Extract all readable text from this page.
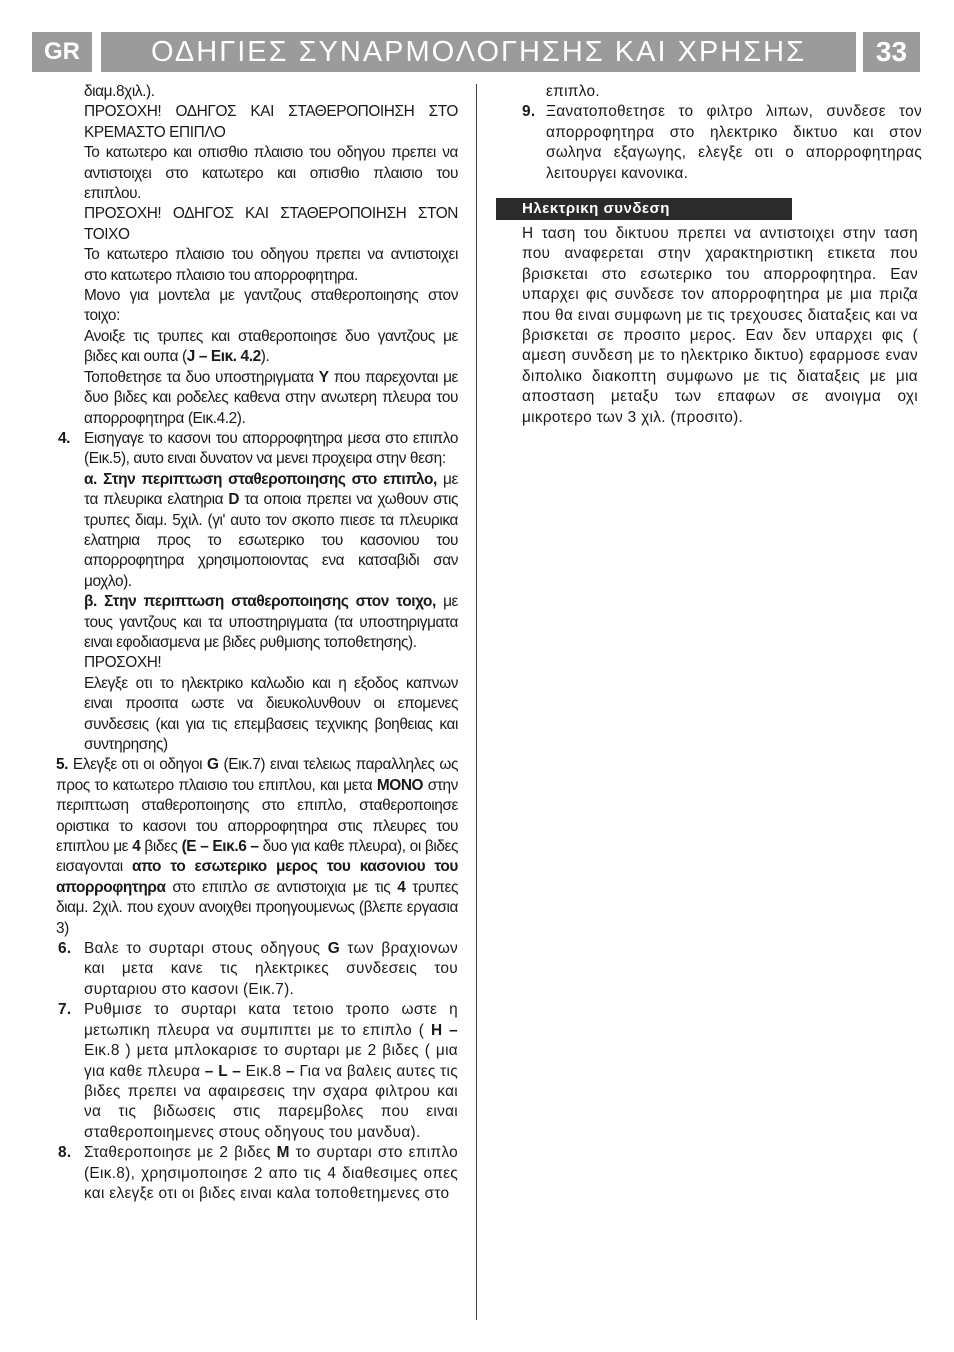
GR ΟΔΗΓΙΕΣ ΣΥΝΑΡΜΟΛΟΓΗΣΗΣ ΚΑΙ ΧΡΗΣΗΣ 33

διαμ.8χιλ.).

ΠΡΟΣΟΧΗ! ΟΔΗΓΟΣ ΚΑΙ ΣΤΑΘΕΡΟΠΟΙΗΣΗ ΣΤΟ ΚΡΕΜΑΣΤΟ ΕΠΙΠΛΟ

Το κατωτερο και οπισθιο πλαισιο του οδηγου πρεπει να αντιστοιχει στο κατωτερο και οπισθιο πλαισιο του επιπλου.

ΠΡΟΣΟΧΗ! ΟΔΗΓΟΣ ΚΑΙ ΣΤΑΘΕΡΟΠΟΙΗΣΗ ΣΤΟΝ ΤΟΙΧΟ

Το κατωτερο πλαισιο του οδηγου πρεπει να αντιστοιχει στο κατωτερο πλαισιο του απορροφητηρα.

Μονο για μοντελα με γαντζους σταθεροποιησης στον τοιχο:

Ανοιξε τις τρυπες και σταθεροποιησε δυο γαντζους με βιδες και ουπα (J – Εικ. 4.2).

Τοποθετησε τα δυο υποστηριγματα Y που παρεχονται με δυο βιδες και ροδελες καθενα στην ανωτερη πλευρα του απορροφητηρα (Εικ.4.2).

4. Εισηγαγε το κασονι του απορροφητηρα μεσα στο επιπλο (Εικ.5), αυτο ειναι δυνατον να μενει προχειρα στην θεση:

α. Στην περιπτωση σταθεροποιησης στο επιπλο, με τα πλευρικα ελατηρια D τα οποια πρεπει να χωθουν στις τρυπες διαμ. 5χιλ. (γι' αυτο τον σκοπο πιεσε τα πλευρικα ελατηρια προς το εσωτερικο του κασονιου του απορροφητηρα χρησιμοποιοντας ενα κατσαβιδι σαν μοχλο).

β. Στην περιπτωση σταθεροποιησης στον τοιχο, με τους γαντζους και τα υποστηριγματα (τα υποστηριγματα ειναι εφοδιασμενα με βιδες ρυθμισης τοποθετησης).

ΠΡΟΣΟΧΗ!

Ελεγξε οτι το ηλεκτρικο καλωδιο και η εξοδος καπνων ειναι προσιτα ωστε να διευκολυνθουν οι επομενες συνδεσεις (και για τις επεμβασεις τεχνικης βοηθειας και συντηρησης)

5. Ελεγξε οτι οι οδηγοι G (Εικ.7) ειναι τελειως παραλληλες ως προς το κατωτερο πλαισιο του επιπλου, και μετα ΜΟΝΟ στην περιπτωση σταθεροποιησης στο επιπλο, σταθεροποιησε οριστικα το κασονι του απορροφητηρα στις πλευρες του επιπλου με 4 βιδες (E – Εικ.6 – δυο για καθε πλευρα), οι βιδες εισαγονται απο το εσωτερικο μερος του κασονιου του απορροφητηρα στο επιπλο σε αντιστοιχια με τις 4 τρυπες διαμ. 2χιλ. που εχουν ανοιχθει προηγουμενως (βλεπε εργασια 3)

6. Βαλε το συρταρι στους οδηγους G των βραχιονων και μετα κανε τις ηλεκτρικες συνδεσεις του συρταριου στο κασονι (Εικ.7).

7. Ρυθμισε το συρταρι κατα τετοιο τροπο ωστε η μετωπικη πλευρα να συμπιπτει με το επιπλο ( H – Εικ.8 ) μετα μπλοκαρισε το συρταρι με 2 βιδες ( μια για καθε πλευρα – L – Εικ.8 – Για να βαλεις αυτες τις βιδες πρεπει να αφαιρεσεις την σχαρα φιλτρου και να τις βιδωσεις στις παρεμβολες που ειναι σταθεροποιημενες στους οδηγους του μανδυα).

8. Σταθεροποιησε με 2 βιδες M το συρταρι στο επιπλο (Εικ.8), χρησιμοποιησε 2 απο τις 4 διαθεσιμες οπες και ελεγξε οτι οι βιδες ειναι καλα τοποθετημενες στο

επιπλο.

9. Ξανατοποθετησε το φιλτρο λιπων, συνδεσε τον απορροφητηρα στο ηλεκτρικο δικτυο και στον σωληνα εξαγωγης, ελεγξε οτι ο απορροφητηρας λειτουργει κανονικα.

Ηλεκτρικη συνδεση

Η ταση του δικτυου πρεπει να αντιστοιχει στην ταση που αναφερεται στην χαρακτηριστικη ετικετα που βρισκεται στο εσωτερικο του απορροφητηρα. Εαν υπαρχει φις συνδεσε τον απορροφητηρα με μια πριζα που θα ειναι συμφωνη με τις τρεχουσες διαταξεις και να βρισκεται σε προσιτο μερος. Εαν δεν υπαρχει φις ( αμεση συνδεση με το ηλεκτρικο δικτυο) εφαρμοσε εναν διπολικο διακοπτη συμφωνο με τις διαταξεις με μια αποσταση μεταξυ των επαφων σε ανοιγμα οχι μικροτερο των 3 χιλ. (προσιτο).
